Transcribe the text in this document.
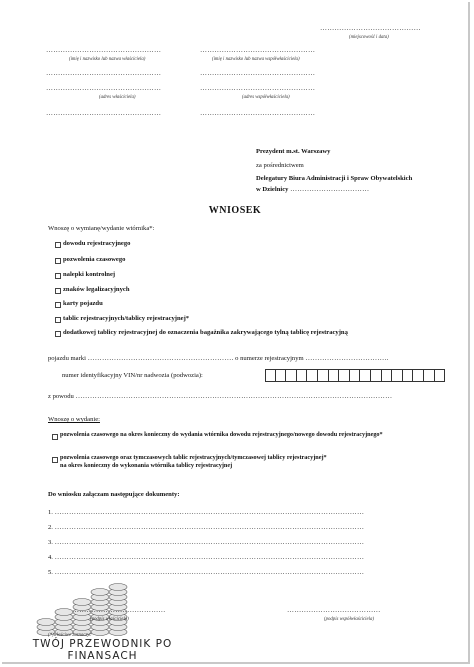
……………………………………
(miejscowość i data)
…………………………………………	…………………………………………
(imię i nazwisko lub nazwa właściciela)	(imię i nazwisko lub nazwa współwłaściciela)
…………………………………………	…………………………………………
…………………………………………	…………………………………………
(adres właściciela)	(adres współwłaściciela)
…………………………………………	…………………………………………
Prezydent m.st. Warszawy
za pośrednictwem
Delegatury Biura Administracji i Spraw Obywatelskich
w Dzielnicy ……………………………
WNIOSEK
Wnoszę o wymianę/wydanie wtórnika*:
dowodu rejestracyjnego
pozwolenia czasowego
nalepki kontrolnej
znaków legalizacyjnych
karty pojazdu
tablic rejestracyjnych/tablicy rejestracyjnej*
dodatkowej tablicy rejestracyjnej do oznaczenia bagażnika zakrywającego tylną tablicę rejestracyjną
pojazdu marki ……………………………………………………. o numerze rejestracyjnym ……………………………..
numer identyfikacyjny VIN/nr nadwozia (podwozia):
z powodu ……………………………………………………………………………………………………………………
Wnoszę o wydanie:
pozwolenia czasowego na okres konieczny do wydania wtórnika dowodu rejestracyjnego/nowego dowodu rejestracyjnego*
pozwolenia czasowego oraz tymczasowych tablic rejestracyjnych/tymczasowej tablicy rejestracyjnej*
na okres konieczny do wykonania wtórnika tablicy rejestracyjnej
Do wniosku załączam następujące dokumenty:
1. …………………………………………………………………………………………………………………
2. …………………………………………………………………………………………………………………
3. …………………………………………………………………………………………………………………
4. …………………………………………………………………………………………………………………
5. …………………………………………………………………………………………………………………
…………………………………
(podpis właściciela)
…………………………………
(podpis współwłaściciela)
(*)właściwe zaznaczyć
TWÓJ PRZEWODNIK PO
FINANSACH
